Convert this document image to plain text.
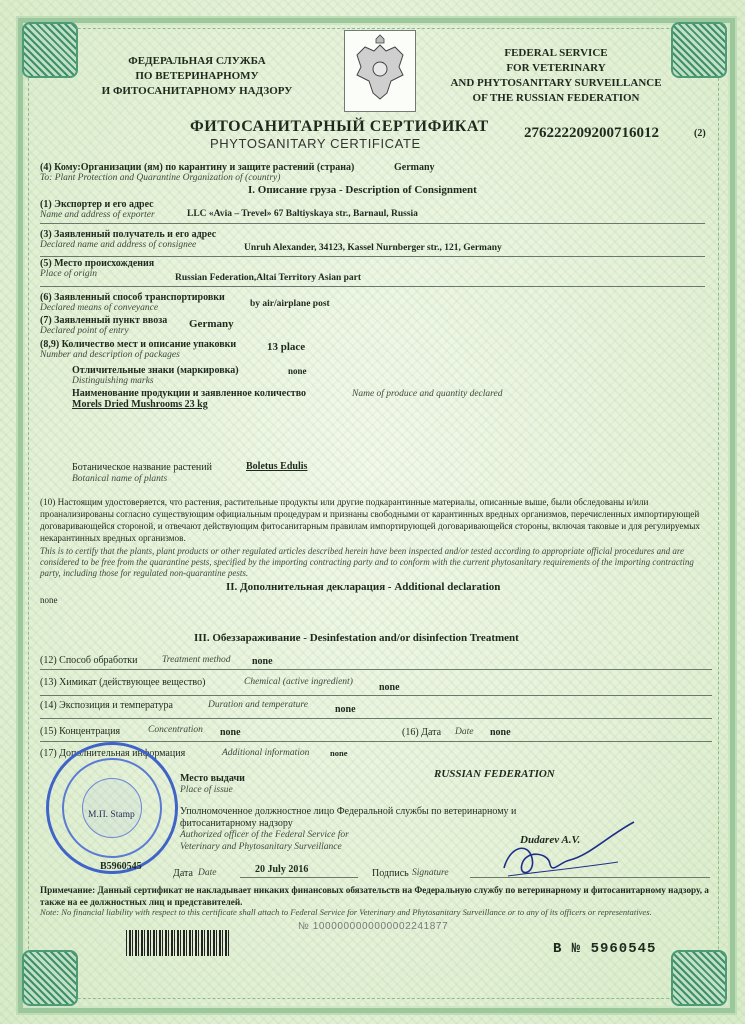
ФЕДЕРАЛЬНАЯ СЛУЖБА
ПО ВЕТЕРИНАРНОМУ
И ФИТОСАНИТАРНОМУ НАДЗОРУ
FEDERAL SERVICE
FOR VETERINARY
AND PHYTOSANITARY SURVEILLANCE
OF THE RUSSIAN FEDERATION
ФИТОСАНИТАРНЫЙ СЕРТИФИКАТ
PHYTOSANITARY CERTIFICATE
276222209200716012	(2)
(4) Кому:Организации (ям) по карантину и защите растений (страна)	Germany
To: Plant Protection and Quarantine Organization of (country)
I. Описание груза - Description of Consignment
(1) Экспортер и его адрес
Name and address of exporter	LLC «Avia – Trevel» 67 Baltiyskaya str., Barnaul, Russia
(3) Заявленный получатель и его адрес
Declared name and address of consignee	Unruh Alexander, 34123, Kassel Nurnberger str., 121, Germany
(5) Место происхождения
Place of origin	Russian Federation,Altai Territory Asian part
(6) Заявленный способ транспортировки
Declared means of conveyance	by air/airplane post
(7) Заявленный пункт ввоза
Declared point of entry
Germany
(8,9) Количество мест и описание упаковки
Number and description of packages
13 place
Отличительные знаки (маркировка)	none
Distinguishing marks
Наименование продукции и заявленное количество	Name of produce and quantity declared
Morels Dried Mushrooms 23 kg
Ботаническое название растений	Boletus Edulis
Botanical name of plants
(10) Настоящим удостоверяется, что растения, растительные продукты или другие подкарантинные материалы, описанные выше, были обследованы и/или проанализированы согласно существующим официальным процедурам и признаны свободными от карантинных вредных организмов, перечисленных импортирующей договаривающейся стороной, и отвечают действующим фитосанитарным правилам импортирующей договаривающейся стороны, включая таковые и для регулируемых некарантинных вредных организмов.
This is to certify that the plants, plant products or other regulated articles described herein have been inspected and/or tested according to appropriate official procedures and are considered to be free from the quarantine pests, specified by the importing contracting party and to conform with the current phytosanitary requirements of the importing contracting party, including those for regulated non-quarantine pests.
II. Дополнительная декларация - Additional declaration
none
III. Обеззараживание - Desinfestation and/or disinfection Treatment
(12) Способ обработки	Treatment method none
(13) Химикат (действующее вещество)	Chemical (active ingredient)	none
(14) Экспозиция и температура	Duration and temperature	none
(15) Концентрация	Concentration none	(16) Дата Date none
(17) Дополнительная информация	Additional information none
M.П. Stamp
Место выдачи
Place of issue
RUSSIAN FEDERATION
Уполномоченное должностное лицо Федеральной службы по ветеринарному и
фитосанитарному надзору
Authorized officer of the Federal Service for
Veterinary and Phytosanitary Surveillance
Dudarev A.V.
B5960545
Дата Date	20 July 2016	Подпись Signature
Примечание: Данный сертификат не накладывает никаких финансовых обязательств на Федеральную службу по ветеринарному и фитосанитарному надзору, а также на ее должностных лиц и представителей.
Note: No financial liability with respect to this certificate shall attach to Federal Service for Veterinary and Phytosanitary Surveillance or to any of its officers or representatives.
№ 1000000000000002241877
B № 5960545
